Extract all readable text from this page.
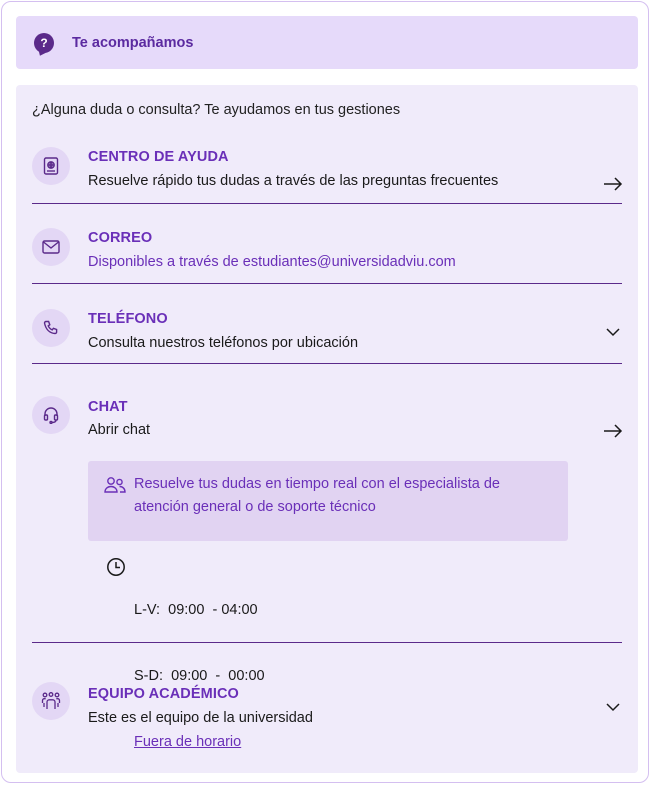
?	Te acompañamos
¿Alguna duda o consulta? Te ayudamos en tus gestiones
CENTRO DE AYUDA
Resuelve rápido tus dudas a través de las preguntas frecuentes
CORREO
Disponibles a través de estudiantes@universidadviu.com
TELÉFONO
Consulta nuestros teléfonos por ubicación
CHAT
Abrir chat
Resuelve tus dudas en tiempo real con el especialista de atención general o de soporte técnico

L-V: 09:00  - 04:00

S-D: 09:00  -  00:00

Fuera de horario

EQUIPO ACADÉMICO
Este es el equipo de la universidad
